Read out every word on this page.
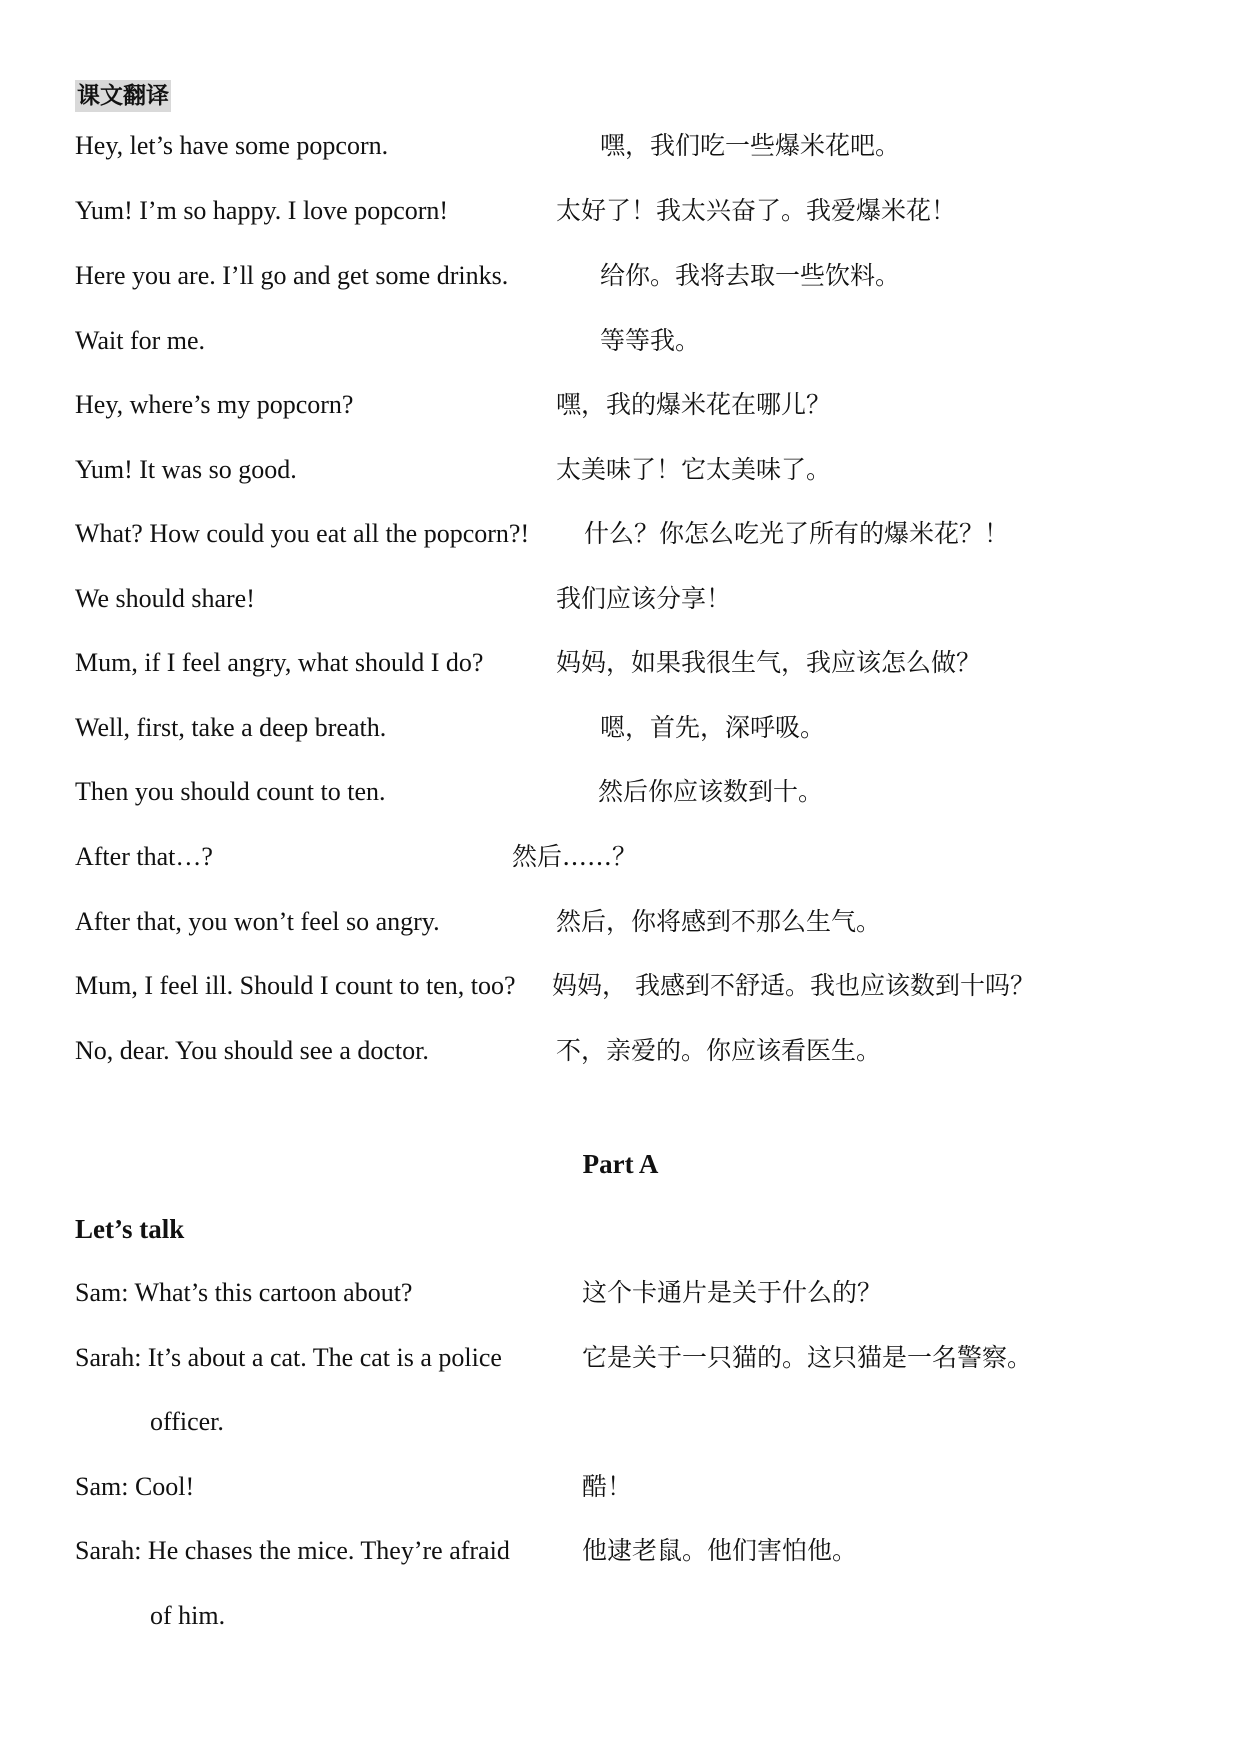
课文翻译
Hey, let’s have some popcorn.	嘿，我们吃一些爆米花吧。
Yum! I’m so happy. I love popcorn!	太好了！我太兴奋了。我爱爆米花！
Here you are. I’ll go and get some drinks.	给你。我将去取一些饮料。
Wait for me.	等等我。
Hey, where’s my popcorn?	嘿，我的爆米花在哪儿？
Yum! It was so good.	太美味了！它太美味了。
What? How could you eat all the popcorn?! 什么？你怎么吃光了所有的爆米花？！
We should share!	我们应该分享！
Mum, if I feel angry, what should I do?	妈妈，如果我很生气，我应该怎么做？
Well, first, take a deep breath.	嗯，首先，深呼吸。
Then you should count to ten.	然后你应该数到十。
After that…?	然后……？
After that, you won’t feel so angry.	然后，你将感到不那么生气。
Mum, I feel ill. Should I count to ten, too? 妈妈， 我感到不舒适。我也应该数到十吗？
No, dear. You should see a doctor.	不，亲爱的。你应该看医生。
Part A
Let’s talk
Sam: What’s this cartoon about?	这个卡通片是关于什么的？
Sarah: It’s about a cat. The cat is a police	它是关于一只猫的。这只猫是一名警察。
officer.
Sam: Cool!	酷！
Sarah: He chases the mice. They’re afraid	他逮老鼠。他们害怕他。
of him.
